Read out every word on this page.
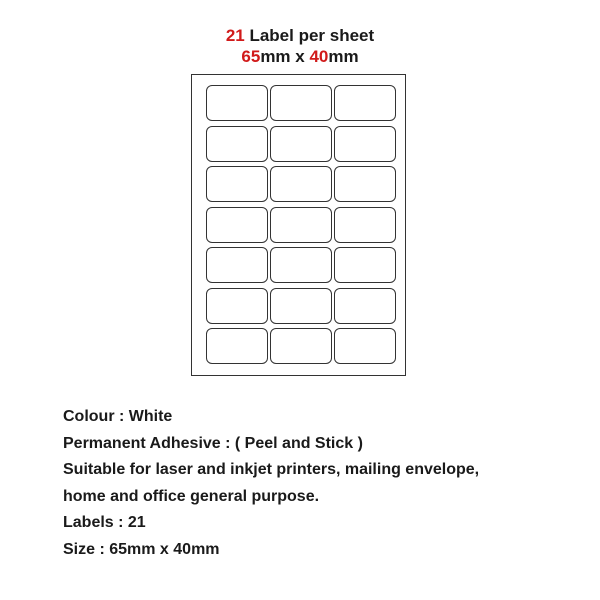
21 Label per sheet
65mm x 40mm
Colour : White
Permanent Adhesive : ( Peel and Stick )
Suitable for laser and inkjet printers, mailing envelope,
home and office general purpose.
Labels : 21
Size : 65mm x 40mm
